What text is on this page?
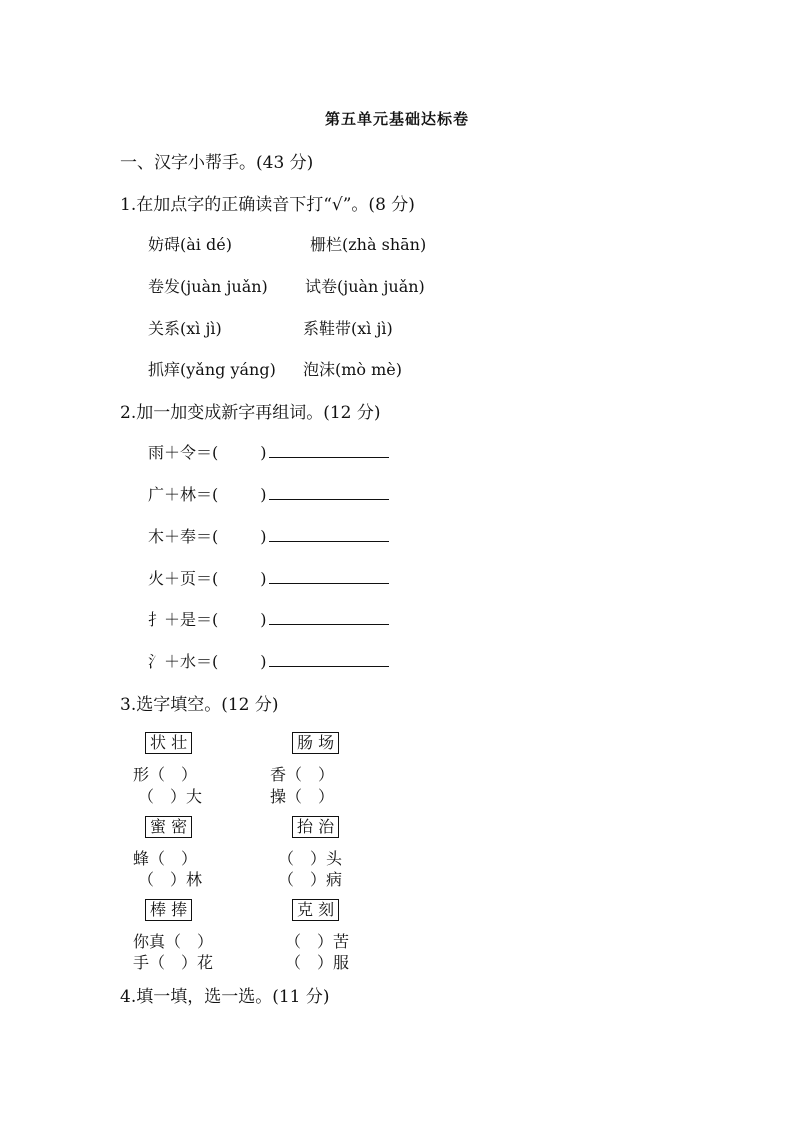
第五单元基础达标卷
一、汉字小帮手。(43 分)
1.在加点字的正确读音下打“√”。(8 分)
妨碍(ài dé)	栅栏(zhà shān)
卷发(juàn juǎn) 试卷(juàn juǎn)
关系(xì jì)	系鞋带(xì jì)
抓痒(yǎng yáng) 泡沫(mò mè)
2.加一加变成新字再组词。(12 分)
雨＋令＝(	)
广＋林＝(	)
木＋奉＝(	)
火＋页＝(	)
扌＋是＝(	)
氵＋水＝(	)
3.选字填空。(12 分)
状 壮
形（　）
（　）大
肠 场
香（　）
操（　）
蜜 密
蜂（　）
（　）林
抬 治
（　）头
（　）病
棒 捧
你真（　）
手（　）花
克 刻
（　）苦
（　）服
4.填一填，选一选。(11 分)
